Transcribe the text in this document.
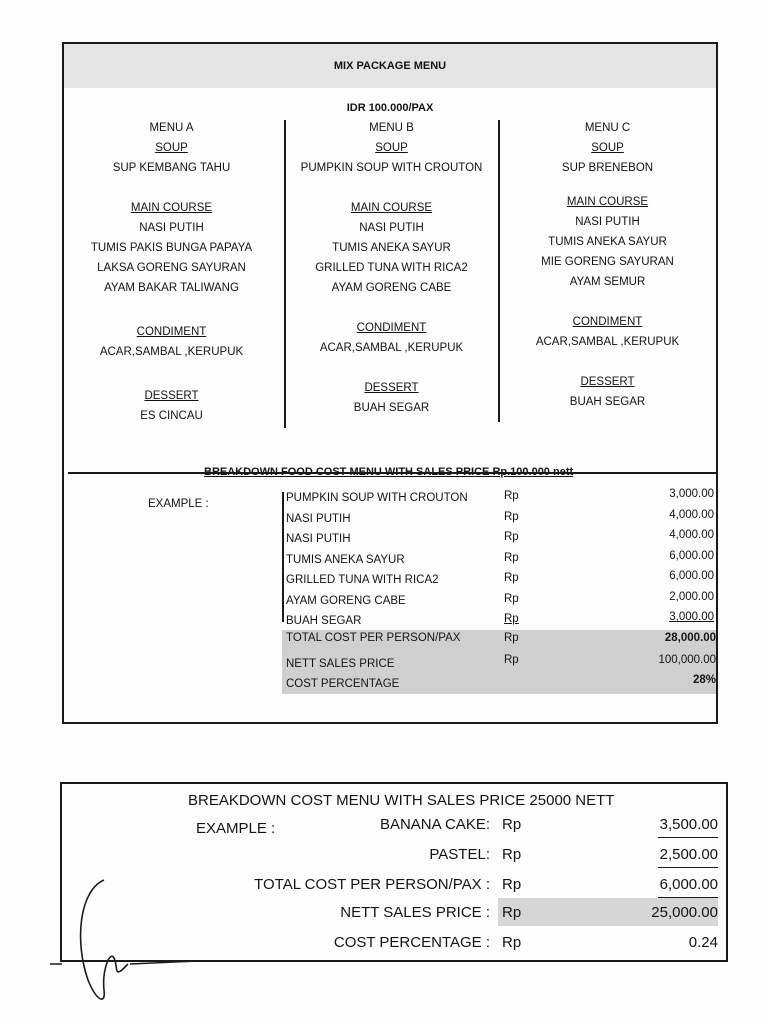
MIX PACKAGE MENU
IDR 100.000/PAX
MENU A
SOUP
SUP KEMBANG TAHU
MAIN COURSE
NASI PUTIH
TUMIS PAKIS BUNGA PAPAYA
LAKSA GORENG SAYURAN
AYAM BAKAR TALIWANG
CONDIMENT
ACAR,SAMBAL ,KERUPUK
DESSERT
ES CINCAU
MENU B
SOUP
PUMPKIN SOUP WITH CROUTON
MAIN COURSE
NASI PUTIH
TUMIS ANEKA SAYUR
GRILLED TUNA WITH RICA2
AYAM GORENG CABE
CONDIMENT
ACAR,SAMBAL ,KERUPUK
DESSERT
BUAH SEGAR
MENU C
SOUP
SUP BRENEBON
MAIN COURSE
NASI PUTIH
TUMIS ANEKA SAYUR
MIE GORENG SAYURAN
AYAM SEMUR
CONDIMENT
ACAR,SAMBAL ,KERUPUK
DESSERT
BUAH SEGAR
EXAMPLE :	PUMPKIN SOUP WITH CROUTON	Rp	3,000.00
NASI PUTIH	Rp	4,000.00
NASI PUTIH	Rp	4,000.00
TUMIS ANEKA SAYUR	Rp	6,000.00
GRILLED TUNA WITH RICA2	Rp	6,000.00
AYAM GORENG CABE	Rp	2,000.00
BUAH SEGAR	Rp	3,000.00
TOTAL COST PER PERSON/PAX	Rp	28,000.00
NETT SALES PRICE	Rp	100,000.00
COST PERCENTAGE	28%
BREAKDOWN COST MENU WITH SALES PRICE 25000 NETT
EXAMPLE :	BANANA CAKE: Rp	3,500.00
PASTEL: Rp	2,500.00
TOTAL COST PER PERSON/PAX : Rp	6,000.00
NETT SALES PRICE : Rp	25,000.00
COST PERCENTAGE : Rp	0.24
